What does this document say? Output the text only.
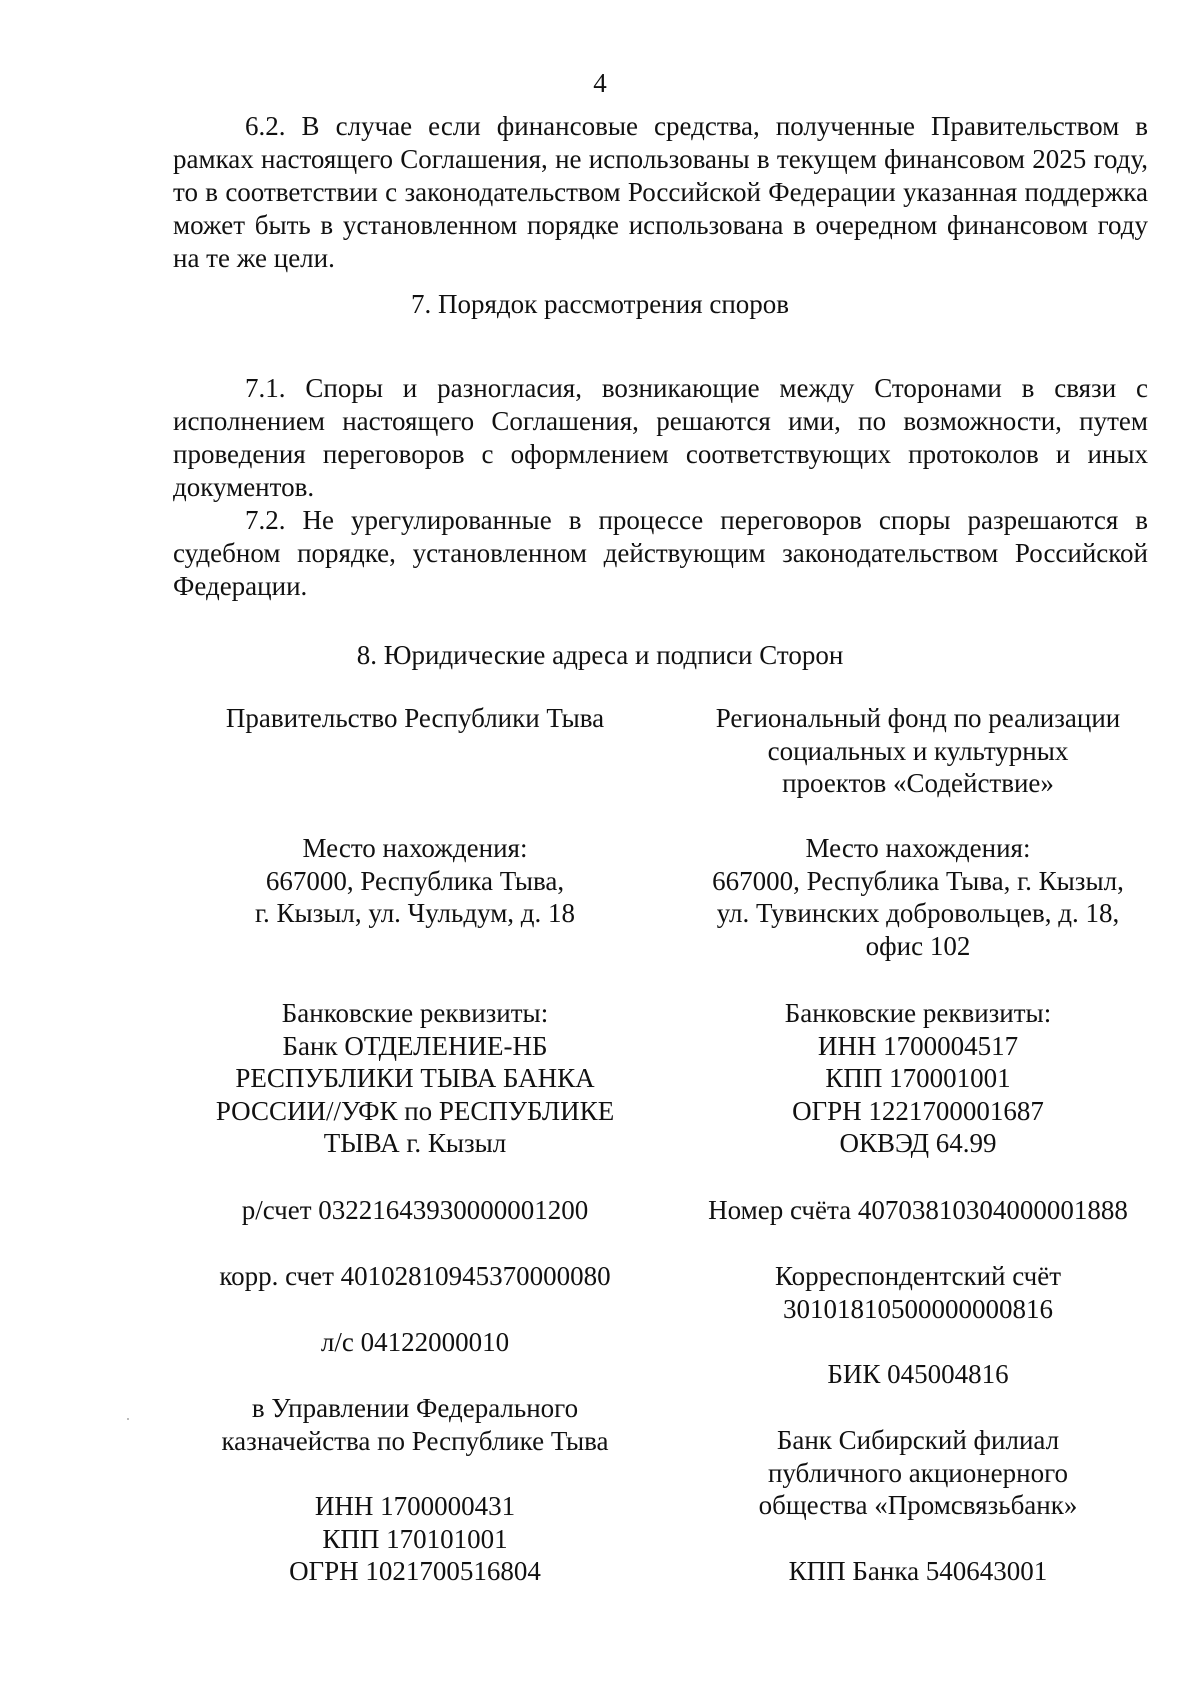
4

6.2. В случае если финансовые средства, полученные Правительством в рамках настоящего Соглашения, не использованы в текущем финансовом 2025 году, то в соответствии с законодательством Российской Федерации указанная поддержка может быть в установленном порядке использована в очередном финансовом году на те же цели.

7. Порядок рассмотрения споров

7.1. Споры и разногласия, возникающие между Сторонами в связи с исполнением настоящего Соглашения, решаются ими, по возможности, путем проведения переговоров с оформлением соответствующих протоколов и иных документов.

7.2. Не урегулированные в процессе переговоров споры разрешаются в судебном порядке, установленном действующим законодательством Российской Федерации.

8. Юридические адреса и подписи Сторон

Правительство Республики Тыва
Место нахождения:
667000, Республика Тыва,
г. Кызыл, ул. Чульдум, д. 18
Банковские реквизиты:
Банк ОТДЕЛЕНИЕ-НБ
РЕСПУБЛИКИ ТЫВА БАНКА
РОССИИ//УФК по РЕСПУБЛИКЕ
ТЫВА г. Кызыл
р/счет 03221643930000001200
корр. счет 40102810945370000080
л/с 04122000010
в Управлении Федерального
казначейства по Республике Тыва
ИНН 1700000431
КПП 170101001
ОГРН 1021700516804
Региональный фонд по реализации
социальных и культурных
проектов «Содействие»
Место нахождения:
667000, Республика Тыва, г. Кызыл,
ул. Тувинских добровольцев, д. 18,
офис 102
Банковские реквизиты:
ИНН 1700004517
КПП 170001001
ОГРН 1221700001687
ОКВЭД 64.99
Номер счёта 40703810304000001888
Корреспондентский счёт
30101810500000000816
БИК 045004816
Банк Сибирский филиал
публичного акционерного
общества «Промсвязьбанк»
КПП Банка 540643001
